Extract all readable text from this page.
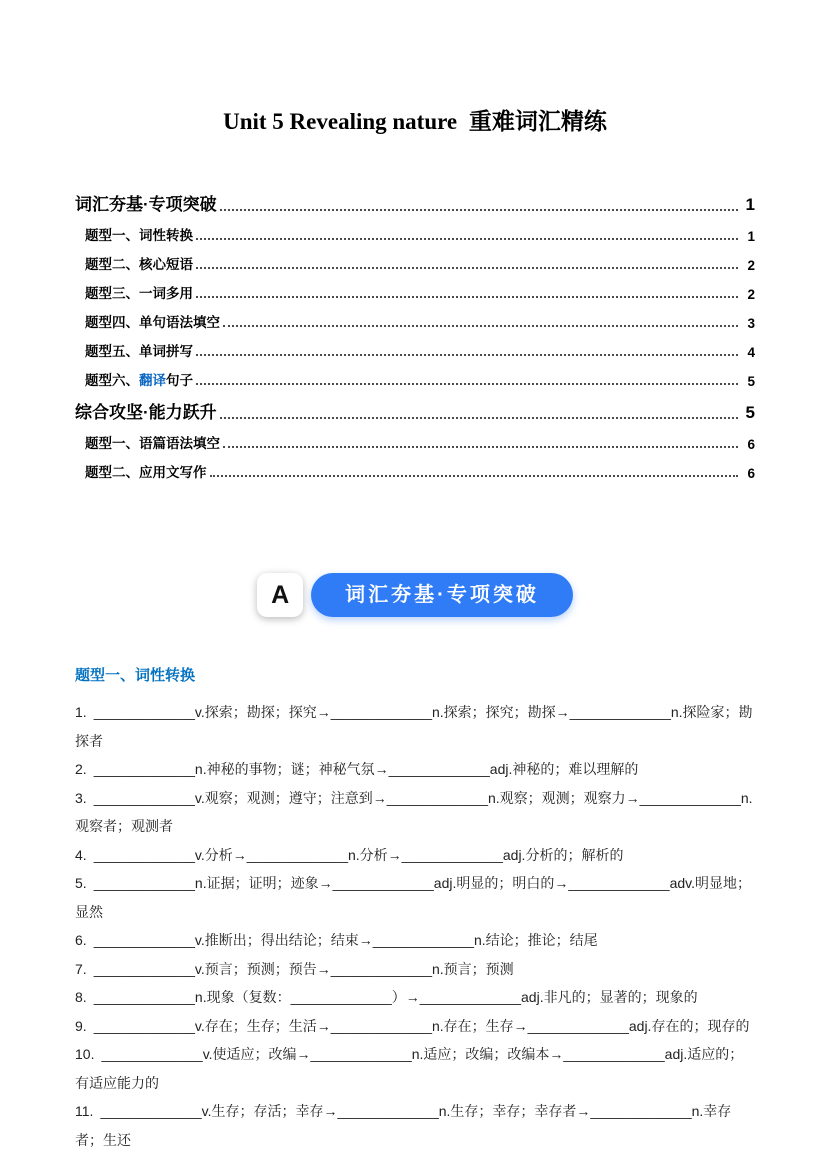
Unit 5 Revealing nature 重难词汇精练
词汇夯基·专项突破	1
题型一、词性转换	1
题型二、核心短语	2
题型三、一词多用	2
题型四、单句语法填空	3
题型五、单词拼写	4
题型六、翻译句子	5
综合攻坚·能力跃升	5
题型一、语篇语法填空	6
题型二、应用文写作	6
A	词汇夯基·专项突破
题型一、词性转换
1. _____________v.探索；勘探；探究→_____________n.探索；探究；勘探→_____________n.探险家；勘探者
2. _____________n.神秘的事物；谜；神秘气氛→_____________adj.神秘的；难以理解的
3. _____________v.观察；观测；遵守；注意到→_____________n.观察；观测；观察力→_____________n.观察者；观测者
4. _____________v.分析→_____________n.分析→_____________adj.分析的；解析的
5. _____________n.证据；证明；迹象→_____________adj.明显的；明白的→_____________adv.明显地；显然
6. _____________v.推断出；得出结论；结束→_____________n.结论；推论；结尾
7. _____________v.预言；预测；预告→_____________n.预言；预测
8. _____________n.现象（复数：_____________）→_____________adj.非凡的；显著的；现象的
9. _____________v.存在；生存；生活→_____________n.存在；生存→_____________adj.存在的；现存的
10. _____________v.使适应；改编→_____________n.适应；改编；改编本→_____________adj.适应的；有适应能力的
11. _____________v.生存；存活；幸存→_____________n.生存；幸存；幸存者→_____________n.幸存者；生还
